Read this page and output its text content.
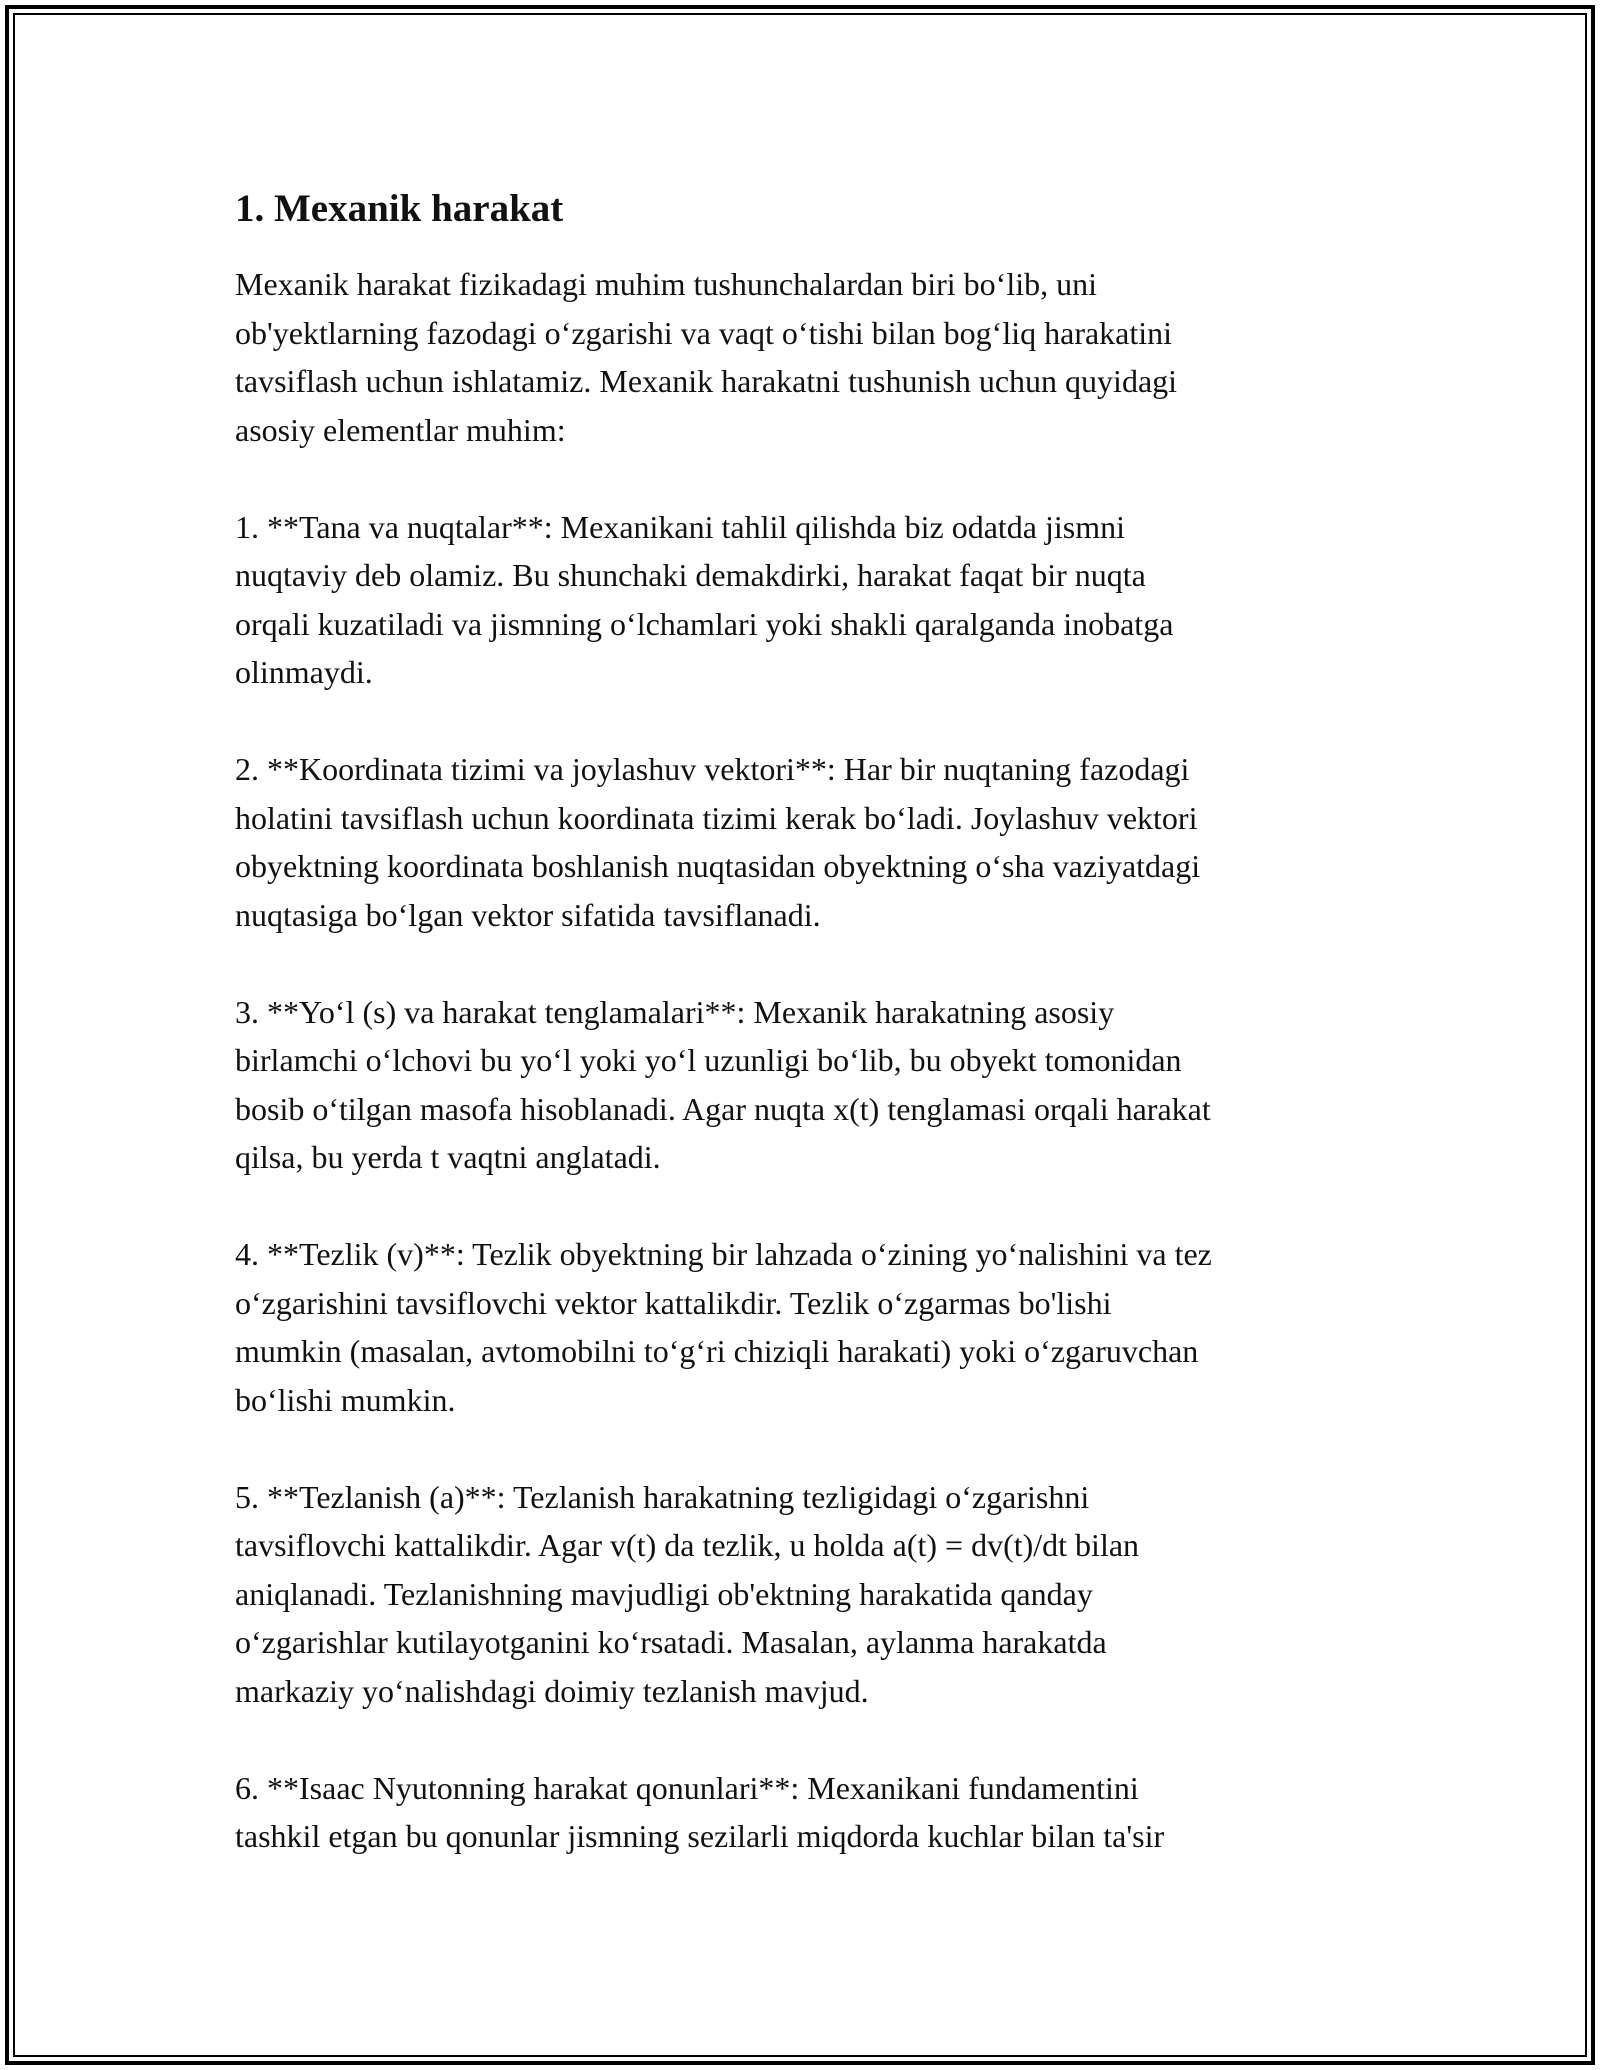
1. Mexanik harakat

Mexanik harakat fizikadagi muhim tushunchalardan biri bo‘lib, uni
ob'yektlarning fazodagi o‘zgarishi va vaqt o‘tishi bilan bog‘liq harakatini
tavsiflash uchun ishlatamiz. Mexanik harakatni tushunish uchun quyidagi
asosiy elementlar muhim:

1. **Tana va nuqtalar**: Mexanikani tahlil qilishda biz odatda jismni
nuqtaviy deb olamiz. Bu shunchaki demakdirki, harakat faqat bir nuqta
orqali kuzatiladi va jismning o‘lchamlari yoki shakli qaralganda inobatga
olinmaydi.

2. **Koordinata tizimi va joylashuv vektori**: Har bir nuqtaning fazodagi
holatini tavsiflash uchun koordinata tizimi kerak bo‘ladi. Joylashuv vektori
obyektning koordinata boshlanish nuqtasidan obyektning o‘sha vaziyatdagi
nuqtasiga bo‘lgan vektor sifatida tavsiflanadi.

3. **Yo‘l (s) va harakat tenglamalari**: Mexanik harakatning asosiy
birlamchi o‘lchovi bu yo‘l yoki yo‘l uzunligi bo‘lib, bu obyekt tomonidan
bosib o‘tilgan masofa hisoblanadi. Agar nuqta x(t) tenglamasi orqali harakat
qilsa, bu yerda t vaqtni anglatadi.

4. **Tezlik (v)**: Tezlik obyektning bir lahzada o‘zining yo‘nalishini va tez
o‘zgarishini tavsiflovchi vektor kattalikdir. Tezlik o‘zgarmas bo'lishi
mumkin (masalan, avtomobilni to‘g‘ri chiziqli harakati) yoki o‘zgaruvchan
bo‘lishi mumkin.

5. **Tezlanish (a)**: Tezlanish harakatning tezligidagi o‘zgarishni
tavsiflovchi kattalikdir. Agar v(t) da tezlik, u holda a(t) = dv(t)/dt bilan
aniqlanadi. Tezlanishning mavjudligi ob'ektning harakatida qanday
o‘zgarishlar kutilayotganini ko‘rsatadi. Masalan, aylanma harakatda
markaziy yo‘nalishdagi doimiy tezlanish mavjud.

6. **Isaac Nyutonning harakat qonunlari**: Mexanikani fundamentini
tashkil etgan bu qonunlar jismning sezilarli miqdorda kuchlar bilan ta'sir
